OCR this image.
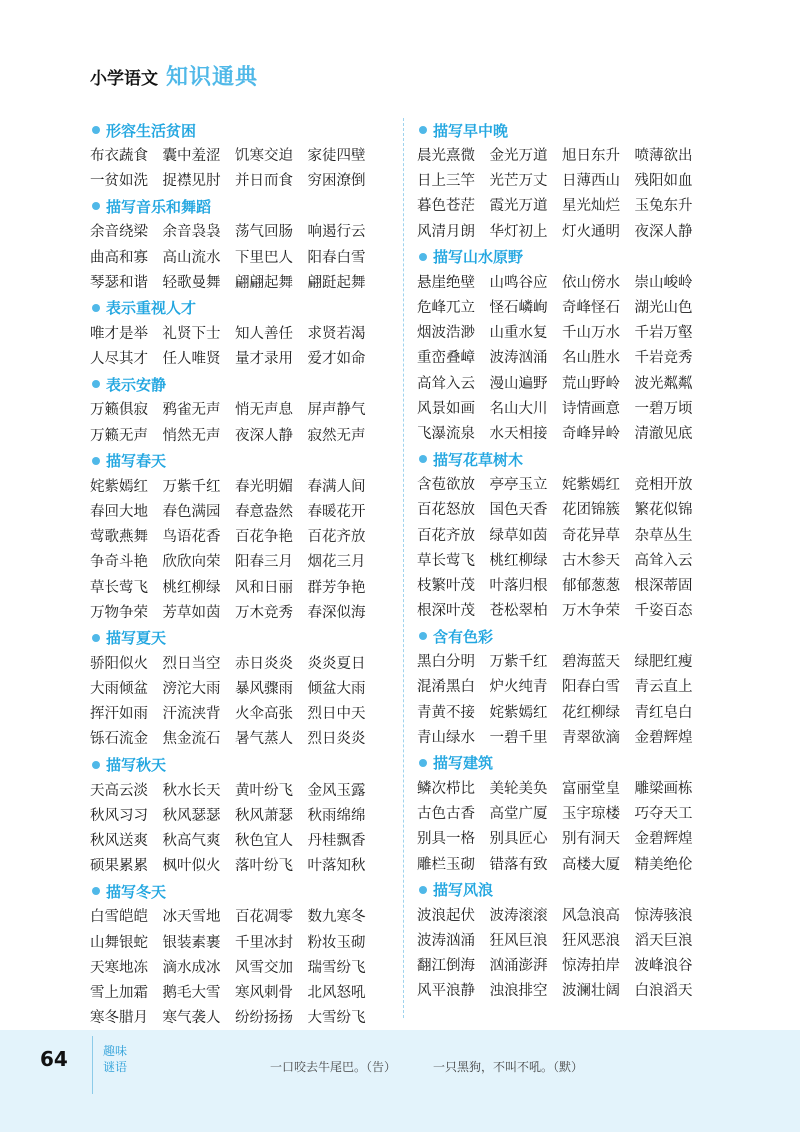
小学语文 知识通典
形容生活贫困
布衣蔬食	囊中羞涩	饥寒交迫	家徒四壁
一贫如洗	捉襟见肘	并日而食	穷困潦倒
描写音乐和舞蹈
余音绕梁	余音袅袅	荡气回肠	响遏行云
曲高和寡	高山流水	下里巴人	阳春白雪
琴瑟和谐	轻歌曼舞	翩翩起舞	翩跹起舞
表示重视人才
唯才是举	礼贤下士	知人善任	求贤若渴
人尽其才	任人唯贤	量才录用	爱才如命
表示安静
万籁俱寂	鸦雀无声	悄无声息	屏声静气
万籁无声	悄然无声	夜深人静	寂然无声
描写春天
姹紫嫣红	万紫千红	春光明媚	春满人间
春回大地	春色满园	春意盎然	春暖花开
莺歌燕舞	鸟语花香	百花争艳	百花齐放
争奇斗艳	欣欣向荣	阳春三月	烟花三月
草长莺飞	桃红柳绿	风和日丽	群芳争艳
万物争荣	芳草如茵	万木竞秀	春深似海
描写夏天
骄阳似火	烈日当空	赤日炎炎	炎炎夏日
大雨倾盆	滂沱大雨	暴风骤雨	倾盆大雨
挥汗如雨	汗流浃背	火伞高张	烈日中天
铄石流金	焦金流石	暑气蒸人	烈日炎炎
描写秋天
天高云淡	秋水长天	黄叶纷飞	金风玉露
秋风习习	秋风瑟瑟	秋风萧瑟	秋雨绵绵
秋风送爽	秋高气爽	秋色宜人	丹桂飘香
硕果累累	枫叶似火	落叶纷飞	叶落知秋
描写冬天
白雪皑皑	冰天雪地	百花凋零	数九寒冬
山舞银蛇	银装素裹	千里冰封	粉妆玉砌
天寒地冻	滴水成冰	风雪交加	瑞雪纷飞
雪上加霜	鹅毛大雪	寒风刺骨	北风怒吼
寒冬腊月	寒气袭人	纷纷扬扬	大雪纷飞
描写早中晚
晨光熹微	金光万道	旭日东升	喷薄欲出
日上三竿	光芒万丈	日薄西山	残阳如血
暮色苍茫	霞光万道	星光灿烂	玉兔东升
风清月朗	华灯初上	灯火通明	夜深人静
描写山水原野
悬崖绝壁	山鸣谷应	依山傍水	崇山峻岭
危峰兀立	怪石嶙峋	奇峰怪石	湖光山色
烟波浩渺	山重水复	千山万水	千岩万壑
重峦叠嶂	波涛汹涌	名山胜水	千岩竞秀
高耸入云	漫山遍野	荒山野岭	波光粼粼
风景如画	名山大川	诗情画意	一碧万顷
飞瀑流泉	水天相接	奇峰异岭	清澈见底
描写花草树木
含苞欲放	亭亭玉立	姹紫嫣红	竞相开放
百花怒放	国色天香	花团锦簇	繁花似锦
百花齐放	绿草如茵	奇花异草	杂草丛生
草长莺飞	桃红柳绿	古木参天	高耸入云
枝繁叶茂	叶落归根	郁郁葱葱	根深蒂固
根深叶茂	苍松翠柏	万木争荣	千姿百态
含有色彩
黑白分明	万紫千红	碧海蓝天	绿肥红瘦
混淆黑白	炉火纯青	阳春白雪	青云直上
青黄不接	姹紫嫣红	花红柳绿	青红皂白
青山绿水	一碧千里	青翠欲滴	金碧辉煌
描写建筑
鳞次栉比	美轮美奂	富丽堂皇	雕梁画栋
古色古香	高堂广厦	玉宇琼楼	巧夺天工
别具一格	别具匠心	别有洞天	金碧辉煌
雕栏玉砌	错落有致	高楼大厦	精美绝伦
描写风浪
波浪起伏	波涛滚滚	风急浪高	惊涛骇浪
波涛汹涌	狂风巨浪	狂风恶浪	滔天巨浪
翻江倒海	汹涌澎湃	惊涛拍岸	波峰浪谷
风平浪静	浊浪排空	波澜壮阔	白浪滔天
64	趣味
谜语	一口咬去牛尾巴。（告）	一只黑狗，不叫不吼。（默）
